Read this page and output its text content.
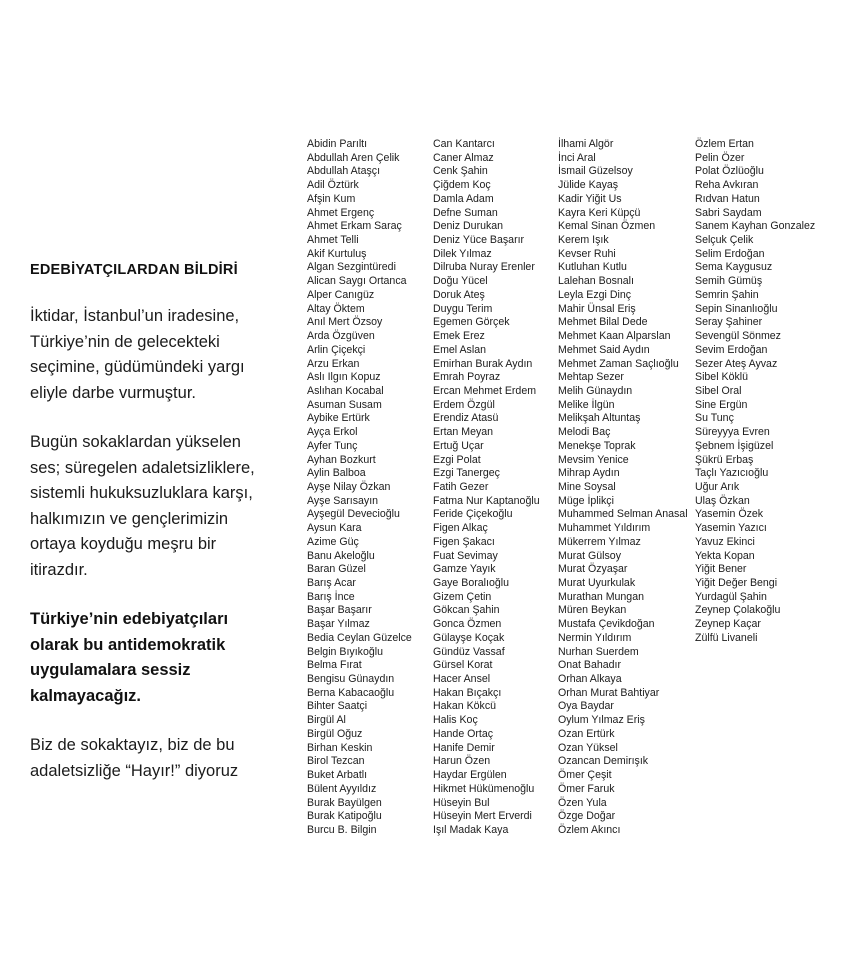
EDEBİYATÇILARDAN BİLDİRİ

İktidar, İstanbul’un iradesine, Türkiye’nin de gelecekteki seçimine, güdümündeki yargı eliyle darbe vurmuştur.

Bugün sokaklardan yükselen ses; süregelen adaletsizliklere, sistemli hukuksuzluklara karşı, halkımızın ve gençlerimizin ortaya koyduğu meşru bir itirazdır.

Türkiye’nin edebiyatçıları olarak bu antidemokratik uygulamalara sessiz kalmayacağız.

Biz de sokaktayız, biz de bu adaletsizliğe “Hayır!” diyoruz

Abidin Parıltı
Abdullah Aren Çelik
Abdullah Ataşçı
Adil Öztürk
Afşin Kum
Ahmet Ergenç
Ahmet Erkam Saraç
Ahmet Telli
Akif Kurtuluş
Algan Sezgintüredi
Alican Saygı Ortanca
Alper Canıgüz
Altay Öktem
Anıl Mert Özsoy
Arda Özgüven
Arlin Çiçekçi
Arzu Erkan
Aslı Ilgın Kopuz
Aslıhan Kocabal
Asuman Susam
Aybike Ertürk
Ayça Erkol
Ayfer Tunç
Ayhan Bozkurt
Aylin Balboa
Ayşe Nilay Özkan
Ayşe Sarısayın
Ayşegül Devecioğlu
Aysun Kara
Azime Güç
Banu Akeloğlu
Baran Güzel
Barış Acar
Barış İnce
Başar Başarır
Başar Yılmaz
Bedia Ceylan Güzelce
Belgin Bıyıkoğlu
Belma Fırat
Bengisu Günaydın
Berna Kabacaoğlu
Bihter Saatçi
Birgül Al
Birgül Oğuz
Birhan Keskin
Birol Tezcan
Buket Arbatlı
Bülent Ayyıldız
Burak Bayülgen
Burak Katipoğlu
Burcu B. Bilgin
Can Kantarcı
Caner Almaz
Cenk Şahin
Çiğdem Koç
Damla Adam
Defne Suman
Deniz Durukan
Deniz Yüce Başarır
Dilek Yılmaz
Dilruba Nuray Erenler
Doğu Yücel
Doruk Ateş
Duygu Terim
Egemen Görçek
Emek Erez
Emel Aslan
Emirhan Burak Aydın
Emrah Poyraz
Ercan Mehmet Erdem
Erdem Özgül
Erendiz Atasü
Ertan Meyan
Ertuğ Uçar
Ezgi Polat
Ezgi Tanergeç
Fatih Gezer
Fatma Nur Kaptanoğlu
Feride Çiçekoğlu
Figen Alkaç
Figen Şakacı
Fuat Sevimay
Gamze Yayık
Gaye Boralıoğlu
Gizem Çetin
Gökcan Şahin
Gonca Özmen
Gülayşe Koçak
Gündüz Vassaf
Gürsel Korat
Hacer Ansel
Hakan Bıçakçı
Hakan Kökcü
Halis Koç
Hande Ortaç
Hanife Demir
Harun Özen
Haydar Ergülen
Hikmet Hükümenoğlu
Hüseyin Bul
Hüseyin Mert Erverdi
Işıl Madak Kaya
İlhami Algör
İnci Aral
İsmail Güzelsoy
Jülide Kayaş
Kadir Yiğit Us
Kayra Keri Küpçü
Kemal Sinan Özmen
Kerem Işık
Kevser Ruhi
Kutluhan Kutlu
Lalehan Bosnalı
Leyla Ezgi Dinç
Mahir Ünsal Eriş
Mehmet Bilal Dede
Mehmet Kaan Alparslan
Mehmet Said Aydın
Mehmet Zaman Saçlıoğlu
Mehtap Sezer
Melih Günaydın
Melike İlgün
Melikşah Altuntaş
Melodi Baç
Menekşe Toprak
Mevsim Yenice
Mihrap Aydın
Mine Soysal
Müge İplikçi
Muhammed Selman Anasal
Muhammet Yıldırım
Mükerrem Yılmaz
Murat Gülsoy
Murat Özyaşar
Murat Uyurkulak
Murathan Mungan
Müren Beykan
Mustafa Çevikdoğan
Nermin Yıldırım
Nurhan Suerdem
Onat Bahadır
Orhan Alkaya
Orhan Murat Bahtiyar
Oya Baydar
Oylum Yılmaz Eriş
Ozan Ertürk
Ozan Yüksel
Ozancan Demirışık
Ömer Çeşit
Ömer Faruk
Özen Yula
Özge Doğar
Özlem Akıncı
Özlem Ertan
Pelin Özer
Polat Özlüoğlu
Reha Avkıran
Rıdvan Hatun
Sabri Saydam
Sanem Kayhan Gonzalez
Selçuk Çelik
Selim Erdoğan
Sema Kaygusuz
Semih Gümüş
Semrin Şahin
Sepin Sinanlıoğlu
Seray Şahiner
Sevengül Sönmez
Sevim Erdoğan
Sezer Ateş Ayvaz
Sibel Köklü
Sibel Oral
Sine Ergün
Su Tunç
Süreyyya Evren
Şebnem İşigüzel
Şükrü Erbaş
Taçlı Yazıcıoğlu
Uğur Arık
Ulaş Özkan
Yasemin Özek
Yasemin Yazıcı
Yavuz Ekinci
Yekta Kopan
Yiğit Bener
Yiğit Değer Bengi
Yurdagül Şahin
Zeynep Çolakoğlu
Zeynep Kaçar
Zülfü Livaneli
